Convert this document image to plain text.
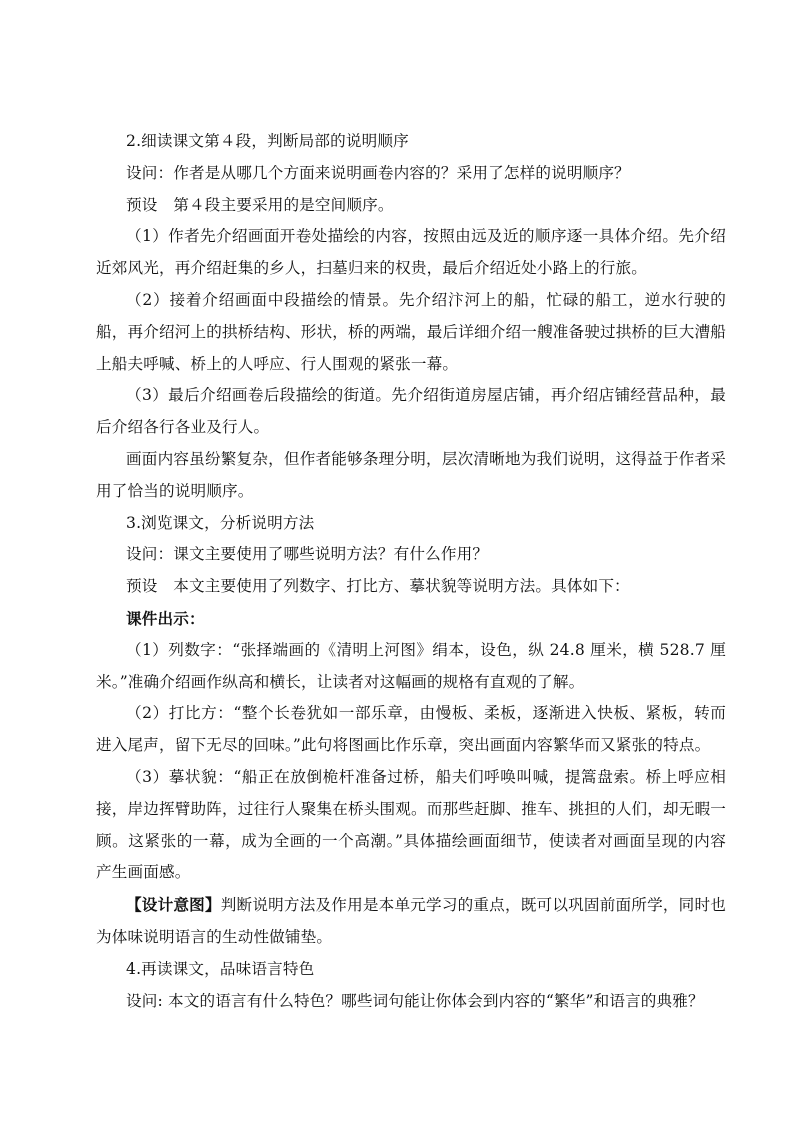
2.细读课文第４段，判断局部的说明顺序

设问：作者是从哪几个方面来说明画卷内容的？采用了怎样的说明顺序？

预设　第４段主要采用的是空间顺序。

（1）作者先介绍画面开卷处描绘的内容，按照由远及近的顺序逐一具体介绍。先介绍近郊风光，再介绍赶集的乡人，扫墓归来的权贵，最后介绍近处小路上的行旅。

（2）接着介绍画面中段描绘的情景。先介绍汴河上的船，忙碌的船工，逆水行驶的船，再介绍河上的拱桥结构、形状，桥的两端，最后详细介绍一艘准备驶过拱桥的巨大漕船上船夫呼喊、桥上的人呼应、行人围观的紧张一幕。

（3）最后介绍画卷后段描绘的街道。先介绍街道房屋店铺，再介绍店铺经营品种，最后介绍各行各业及行人。

画面内容虽纷繁复杂，但作者能够条理分明，层次清晰地为我们说明，这得益于作者采用了恰当的说明顺序。

3.浏览课文，分析说明方法

设问：课文主要使用了哪些说明方法？有什么作用？

预设　本文主要使用了列数字、打比方、摹状貌等说明方法。具体如下：

课件出示：

（1）列数字：“张择端画的《清明上河图》绢本，设色，纵 24.8 厘米，横 528.7 厘米。”准确介绍画作纵高和横长，让读者对这幅画的规格有直观的了解。

（2）打比方：“整个长卷犹如一部乐章，由慢板、柔板，逐渐进入快板、紧板，转而进入尾声，留下无尽的回味。”此句将图画比作乐章，突出画面内容繁华而又紧张的特点。

（3）摹状貌：“船正在放倒桅杆准备过桥，船夫们呼唤叫喊，提篙盘索。桥上呼应相接，岸边挥臂助阵，过往行人聚集在桥头围观。而那些赶脚、推车、挑担的人们，却无暇一顾。这紧张的一幕，成为全画的一个高潮。”具体描绘画面细节，使读者对画面呈现的内容产生画面感。

【设计意图】判断说明方法及作用是本单元学习的重点，既可以巩固前面所学，同时也为体味说明语言的生动性做铺垫。

4.再读课文，品味语言特色

设问: 本文的语言有什么特色？哪些词句能让你体会到内容的“繁华”和语言的典雅？
